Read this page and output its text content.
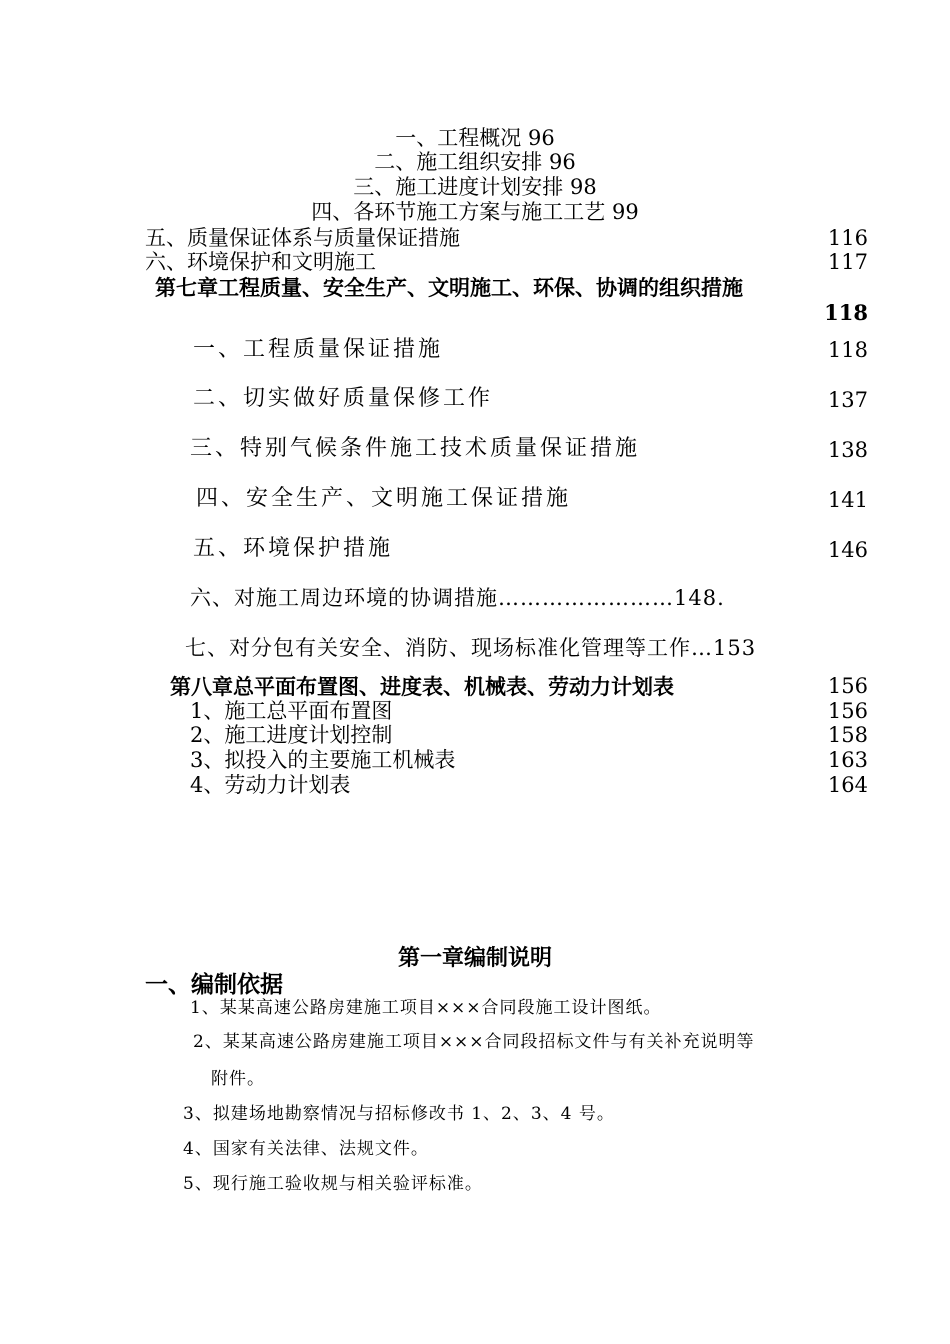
一、工程概况 96
二、施工组织安排 96
三、施工进度计划安排 98
四、各环节施工方案与施工工艺 99
五、质量保证体系与质量保证措施	116
六、环境保护和文明施工	117
第七章工程质量、安全生产、文明施工、环保、协调的组织措施
118
一、工程质量保证措施	118
二、切实做好质量保修工作	137
三、特别气候条件施工技术质量保证措施	138
四、安全生产、文明施工保证措施	141
五、环境保护措施	146
六、对施工周边环境的协调措施……………………148.
七、对分包有关安全、消防、现场标准化管理等工作…153
第八章总平面布置图、进度表、机械表、劳动力计划表	156
1、施工总平面布置图	156
2、施工进度计划控制	158
3、拟投入的主要施工机械表	163
4、劳动力计划表	164
第一章编制说明
一、编制依据
1、某某高速公路房建施工项目×××合同段施工设计图纸。
2、某某高速公路房建施工项目×××合同段招标文件与有关补充说明等
附件。
3、拟建场地勘察情况与招标修改书 1、2、3、4 号。
4、国家有关法律、法规文件。
5、现行施工验收规与相关验评标准。
